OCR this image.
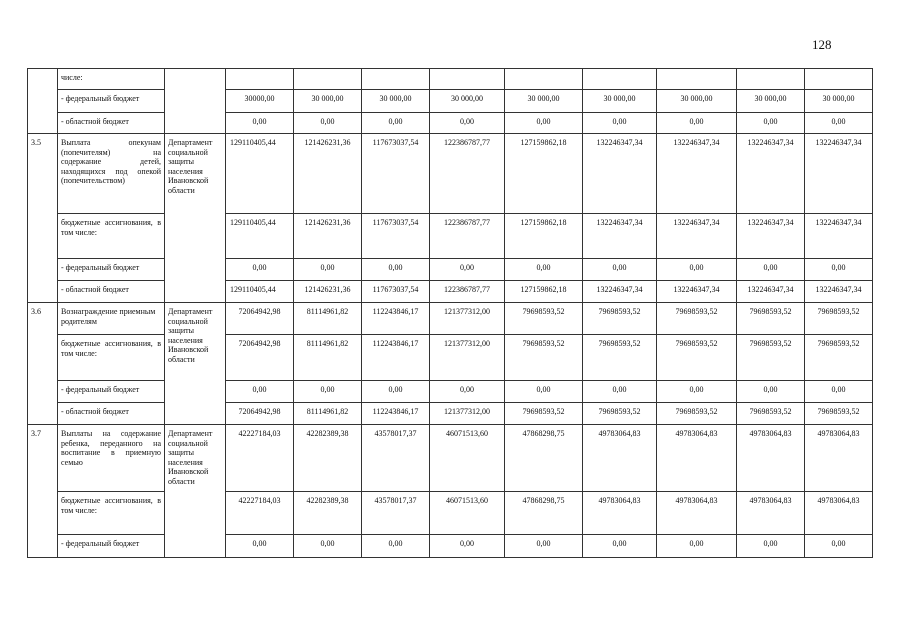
128
	числе:										
	- федеральный бюджет		30000,00	30 000,00	30 000,00	30 000,00	30 000,00	30 000,00	30 000,00	30 000,00	30 000,00
	- областной бюджет		0,00	0,00	0,00	0,00	0,00	0,00	0,00	0,00	0,00
3.5	Выплата опекунам (попечителям) на содержание детей, находящихся под опекой (попечительством)	Департамент социальной защиты населения Ивановской области	129110405,44	121426231,36	117673037,54	122386787,77	127159862,18	132246347,34	132246347,34	132246347,34	132246347,34
	бюджетные ассигнования, в том числе:		129110405,44	121426231,36	117673037,54	122386787,77	127159862,18	132246347,34	132246347,34	132246347,34	132246347,34
	- федеральный бюджет		0,00	0,00	0,00	0,00	0,00	0,00	0,00	0,00	0,00
	- областной бюджет		129110405,44	121426231,36	117673037,54	122386787,77	127159862,18	132246347,34	132246347,34	132246347,34	132246347,34
3.6	Вознаграждение приемным родителям	Департамент социальной защиты населения Ивановской области	72064942,98	81114961,82	112243846,17	121377312,00	79698593,52	79698593,52	79698593,52	79698593,52	79698593,52
	бюджетные ассигнования, в том числе:		72064942,98	81114961,82	112243846,17	121377312,00	79698593,52	79698593,52	79698593,52	79698593,52	79698593,52
	- федеральный бюджет		0,00	0,00	0,00	0,00	0,00	0,00	0,00	0,00	0,00
	- областной бюджет		72064942,98	81114961,82	112243846,17	121377312,00	79698593,52	79698593,52	79698593,52	79698593,52	79698593,52
3.7	Выплаты на содержание ребенка, переданного на воспитание в приемную семью	Департамент социальной защиты населения Ивановской области	42227184,03	42282389,38	43578017,37	46071513,60	47868298,75	49783064,83	49783064,83	49783064,83	49783064,83
	бюджетные ассигнования, в том числе:		42227184,03	42282389,38	43578017,37	46071513,60	47868298,75	49783064,83	49783064,83	49783064,83	49783064,83
	- федеральный бюджет		0,00	0,00	0,00	0,00	0,00	0,00	0,00	0,00	0,00
